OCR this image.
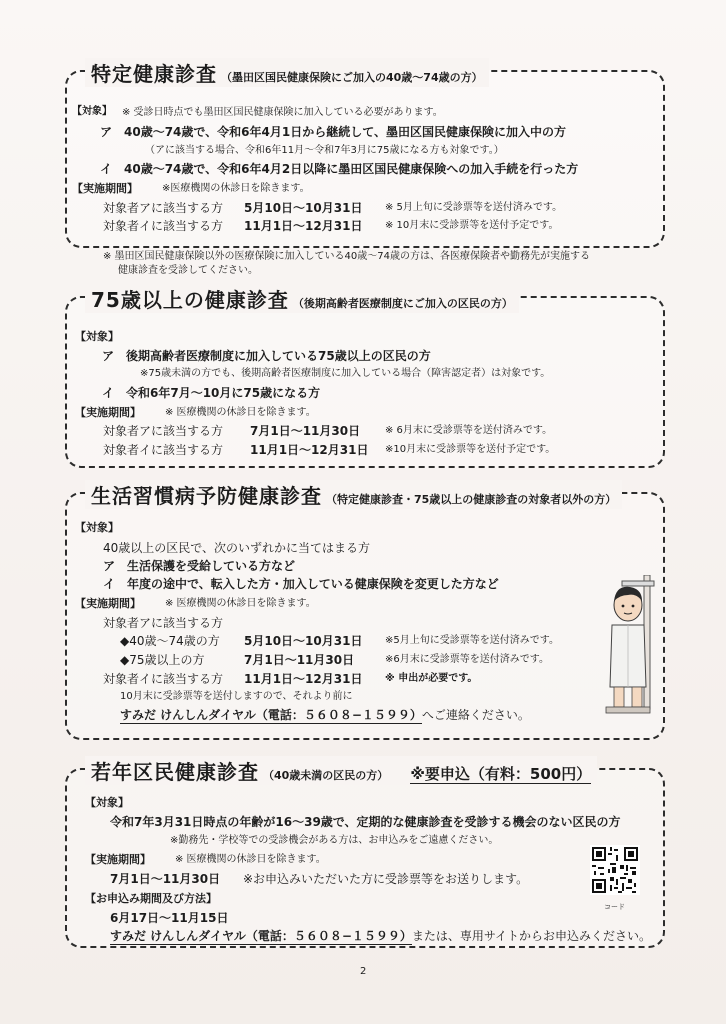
特定健康診査 （墨田区国民健康保険にご加入の40歳〜74歳の方）
【対象】 ※ 受診日時点でも墨田区国民健康保険に加入している必要があります。
ア　40歳〜74歳で、令和6年4月1日から継続して、墨田区国民健康保険に加入中の方
（アに該当する場合、令和6年11月〜令和7年3月に75歳になる方も対象です。）
イ　40歳〜74歳で、令和6年4月2日以降に墨田区国民健康保険への加入手続を行った方
【実施期間】 ※医療機関の休診日を除きます。
対象者アに該当する方 5月10日〜10月31日 ※ 5月上旬に受診票等を送付済みです。
対象者イに該当する方 11月1日〜12月31日 ※ 10月末に受診票等を送付予定です。
※ 墨田区国民健康保険以外の医療保険に加入している40歳〜74歳の方は、各医療保険者や勤務先が実施する
健康診査を受診してください。
75歳以上の健康診査 （後期高齢者医療制度にご加入の区民の方）
【対象】
ア　後期高齢者医療制度に加入している75歳以上の区民の方
※75歳未満の方でも、後期高齢者医療制度に加入している場合（障害認定者）は対象です。
イ　令和6年7月〜10月に75歳になる方
【実施期間】 ※ 医療機関の休診日を除きます。
対象者アに該当する方 7月1日〜11月30日 ※ 6月末に受診票等を送付済みです。
対象者イに該当する方 11月1日〜12月31日 ※10月末に受診票等を送付予定です。
生活習慣病予防健康診査 （特定健康診査・75歳以上の健康診査の対象者以外の方）
【対象】
40歳以上の区民で、次のいずれかに当てはまる方
ア　生活保護を受給している方など
イ　年度の途中で、転入した方・加入している健康保険を変更した方など
【実施期間】 ※ 医療機関の休診日を除きます。
対象者アに該当する方
◆40歳〜74歳の方 5月10日〜10月31日 ※5月上旬に受診票等を送付済みです。
◆75歳以上の方	7月1日〜11月30日	※6月末に受診票等を送付済みです。
対象者イに該当する方 11月1日〜12月31日 ※ 申出が必要です。
10月末に受診票等を送付しますので、それより前に
すみだ けんしんダイヤル（電話：５６０８−１５９９）へご連絡ください。
若年区民健康診査 （40歳未満の区民の方） ※要申込（有料：500円）
【対象】
令和7年3月31日時点の年齢が16〜39歳で、定期的な健康診査を受診する機会のない区民の方
※勤務先・学校等での受診機会がある方は、お申込みをご遠慮ください。
【実施期間】 ※ 医療機関の休診日を除きます。
7月1日〜11月30日 ※お申込みいただいた方に受診票等をお送りします。
【お申込み期間及び方法】
6月17日〜11月15日
すみだ けんしんダイヤル（電話：５６０８−１５９９）または、専用サイトからお申込みください。
コード
2
